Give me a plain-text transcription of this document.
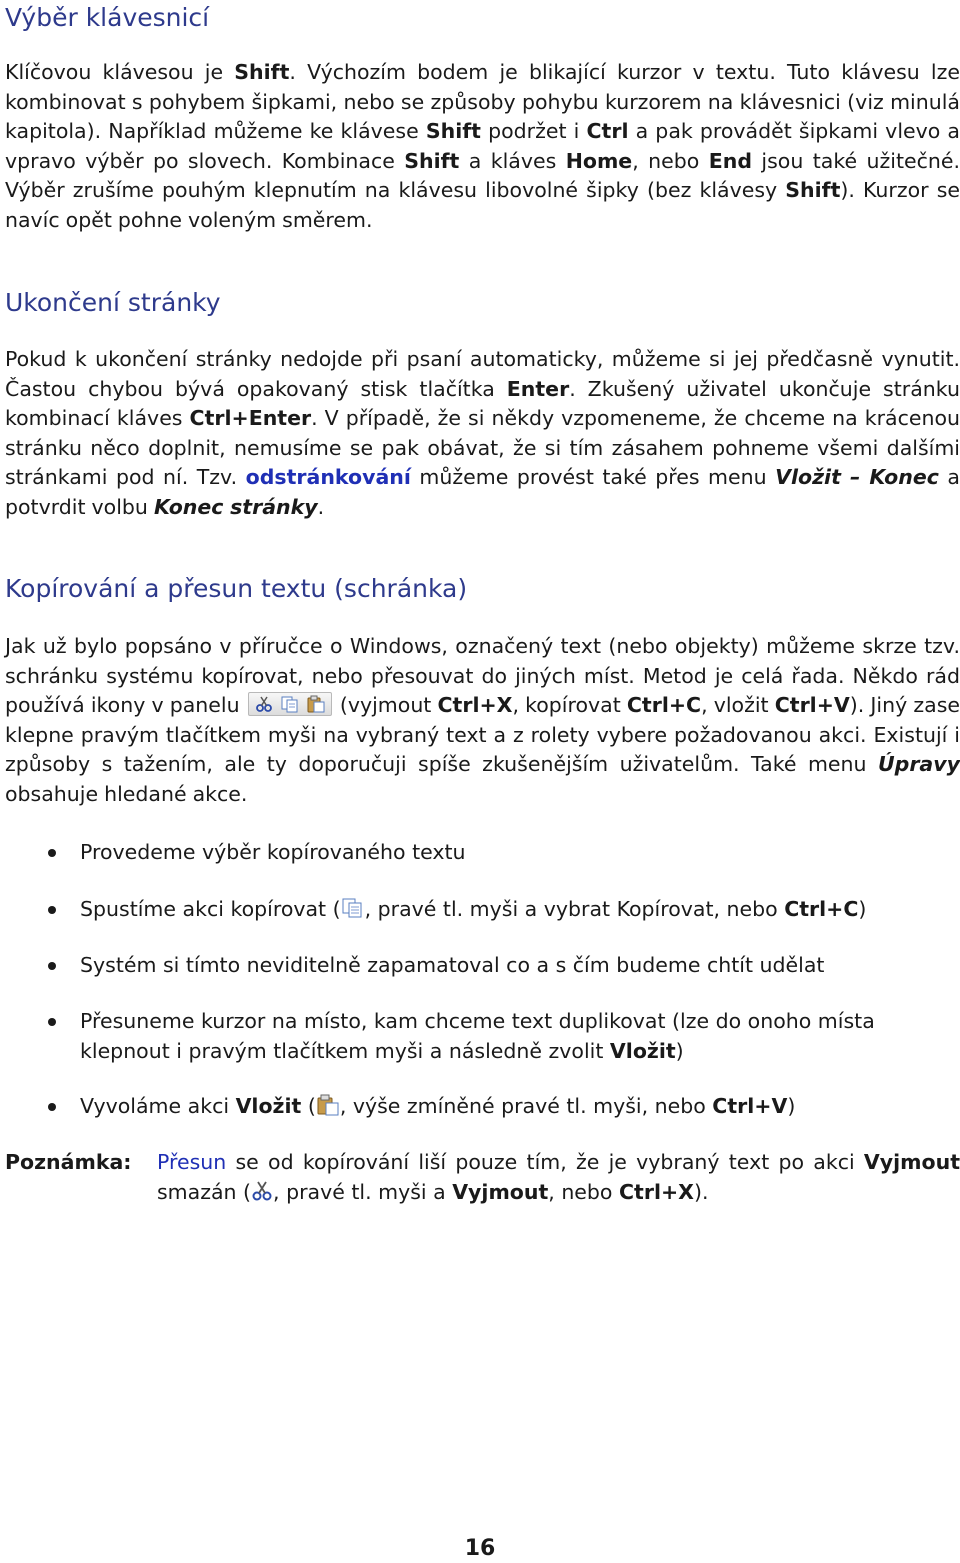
Výběr klávesnicí

Klíčovou klávesou je Shift. Výchozím bodem je blikající kurzor v textu. Tuto klávesu lze kombinovat s pohybem šipkami, nebo se způsoby pohybu kurzorem na klávesnici (viz minulá kapitola). Například můžeme ke klávese Shift podržet i Ctrl a pak provádět šipkami vlevo a vpravo výběr po slovech. Kombinace Shift a kláves Home, nebo End jsou také užitečné. Výběr zrušíme pouhým klepnutím na klávesu libovolné šipky (bez klávesy Shift). Kurzor se navíc opět pohne voleným směrem.

Ukončení stránky

Pokud k ukončení stránky nedojde při psaní automaticky, můžeme si jej předčasně vynutit. Častou chybou bývá opakovaný stisk tlačítka Enter. Zkušený uživatel ukončuje stránku kombinací kláves Ctrl+Enter. V případě, že si někdy vzpomeneme, že chceme na krácenou stránku něco doplnit, nemusíme se pak obávat, že si tím zásahem pohneme všemi dalšími stránkami pod ní. Tzv. odstránkování můžeme provést také přes menu Vložit – Konec a potvrdit volbu Konec stránky.

Kopírování a přesun textu (schránka)

Jak už bylo popsáno v příručce o Windows, označený text (nebo objekty) můžeme skrze tzv. schránku systému kopírovat, nebo přesouvat do jiných míst. Metod je celá řada. Někdo rád používá ikony v panelu	(vyjmout Ctrl+X, kopírovat Ctrl+C, vložit Ctrl+V). Jiný zase klepne pravým tlačítkem myši na vybraný text a z rolety vybere požadovanou akci. Existují i způsoby s tažením, ale ty doporučuji spíše zkušenějším uživatelům. Také menu Úpravy obsahuje hledané akce.

Provedeme výběr kopírovaného textu
Spustíme akci kopírovat ( , pravé tl. myši a vybrat Kopírovat, nebo Ctrl+C)
Systém si tímto neviditelně zapamatoval co a s čím budeme chtít udělat
Přesuneme kurzor na místo, kam chceme text duplikovat (lze do onoho místa klepnout i pravým tlačítkem myši a následně zvolit Vložit)
Vyvoláme akci Vložit ( , výše zmíněné pravé tl. myši, nebo Ctrl+V)
Poznámka: Přesun se od kopírování liší pouze tím, že je vybraný text po akci Vyjmout smazán ( , pravé tl. myši a Vyjmout, nebo Ctrl+X).

16
